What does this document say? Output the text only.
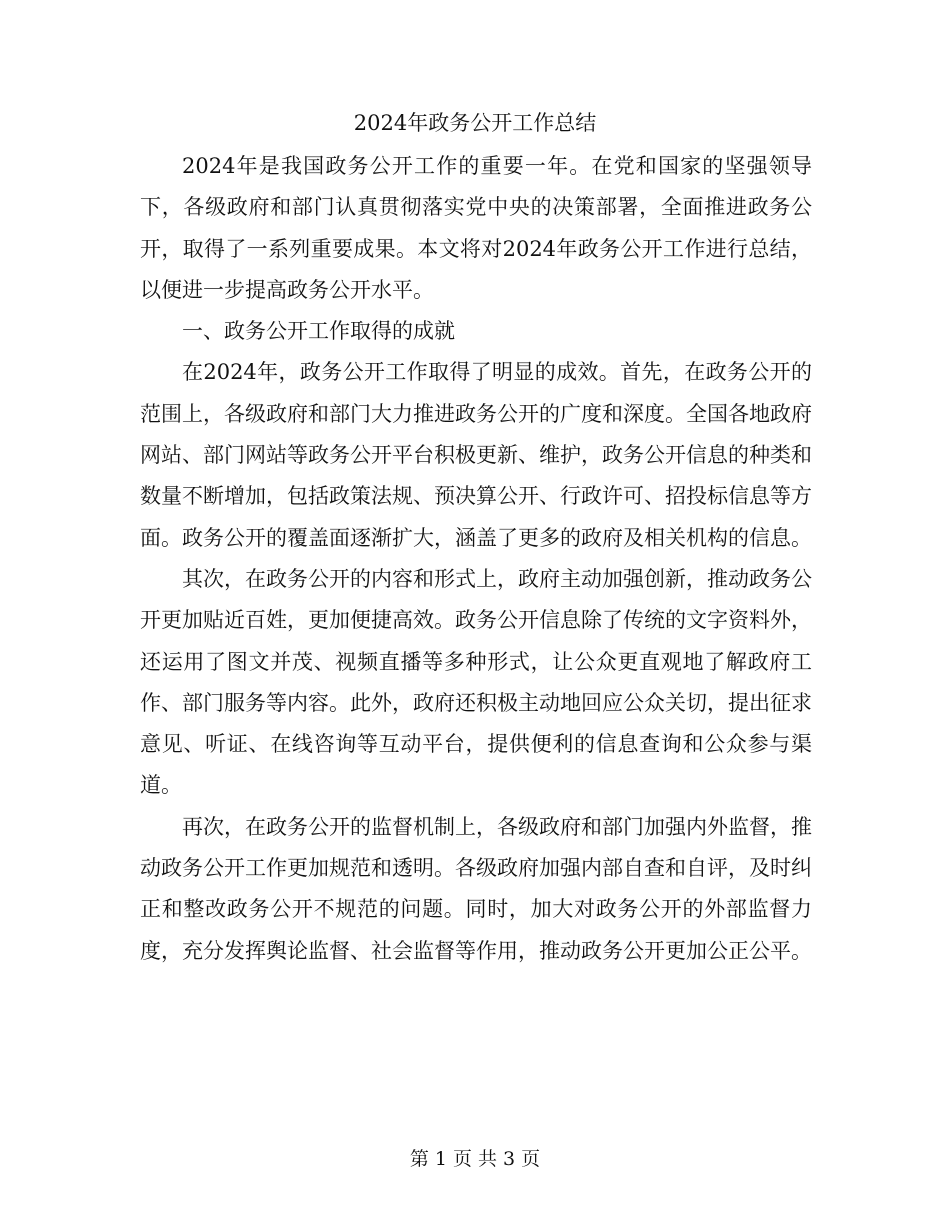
2024年政务公开工作总结

2024年是我国政务公开工作的重要一年。在党和国家的坚强领导下，各级政府和部门认真贯彻落实党中央的决策部署，全面推进政务公开，取得了一系列重要成果。本文将对2024年政务公开工作进行总结，以便进一步提高政务公开水平。

一、政务公开工作取得的成就

在2024年，政务公开工作取得了明显的成效。首先，在政务公开的范围上，各级政府和部门大力推进政务公开的广度和深度。全国各地政府网站、部门网站等政务公开平台积极更新、维护，政务公开信息的种类和数量不断增加，包括政策法规、预决算公开、行政许可、招投标信息等方面。政务公开的覆盖面逐渐扩大，涵盖了更多的政府及相关机构的信息。

其次，在政务公开的内容和形式上，政府主动加强创新，推动政务公开更加贴近百姓，更加便捷高效。政务公开信息除了传统的文字资料外，还运用了图文并茂、视频直播等多种形式，让公众更直观地了解政府工作、部门服务等内容。此外，政府还积极主动地回应公众关切，提出征求意见、听证、在线咨询等互动平台，提供便利的信息查询和公众参与渠道。

再次，在政务公开的监督机制上，各级政府和部门加强内外监督，推动政务公开工作更加规范和透明。各级政府加强内部自查和自评，及时纠正和整改政务公开不规范的问题。同时，加大对政务公开的外部监督力度，充分发挥舆论监督、社会监督等作用，推动政务公开更加公正公平。

第 1 页 共 3 页
